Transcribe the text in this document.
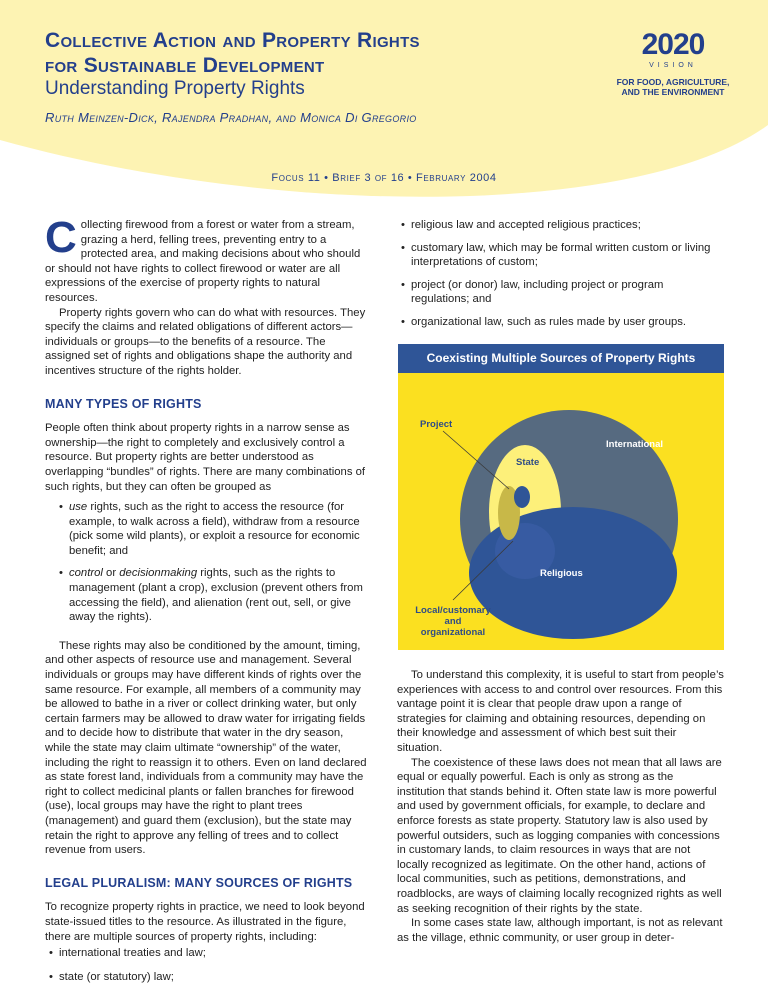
Collective Action and Property Rights
for Sustainable Development
Understanding Property Rights
Ruth Meinzen-Dick, Rajendra Pradhan, and Monica Di Gregorio
2020
VISION
FOR FOOD, AGRICULTURE,
AND THE ENVIRONMENT
Focus 11 • Brief 3 of 16 • February 2004

Collecting firewood from a forest or water from a stream, grazing a herd, felling trees, preventing entry to a protected area, and making decisions about who should or should not have rights to collect firewood or water are all expressions of the exercise of property rights to natural resources.

Property rights govern who can do what with resources. They specify the claims and related obligations of different actors—individuals or groups—to the benefits of a resource. The assigned set of rights and obligations shape the authority and incentives structure of the rights holder.

MANY TYPES OF RIGHTS

People often think about property rights in a narrow sense as ownership—the right to completely and exclusively control a resource. But property rights are better understood as overlapping “bundles” of rights. There are many combinations of such rights, but they can often be grouped as

• use rights, such as the right to access the resource (for example, to walk across a field), withdraw from a resource (pick some wild plants), or exploit a resource for economic benefit; and
• control or decisionmaking rights, such as the rights to management (plant a crop), exclusion (prevent others from accessing the field), and alienation (rent out, sell, or give away the rights).

These rights may also be conditioned by the amount, timing, and other aspects of resource use and management. Several individuals or groups may have different kinds of rights over the same resource. For example, all members of a community may be allowed to bathe in a river or collect drinking water, but only certain farmers may be allowed to draw water for irrigating fields and to decide how to distribute that water in the dry season, while the state may claim ultimate “ownership” of the water, including the right to reassign it to others. Even on land declared as state forest land, individuals from a community may have the right to collect medicinal plants or fallen branches for firewood (use), local groups may have the right to plant trees (management) and guard them (exclusion), but the state may retain the right to approve any felling of trees and to collect revenue from users.

LEGAL PLURALISM: MANY SOURCES OF RIGHTS

To recognize property rights in practice, we need to look beyond state-issued titles to the resource. As illustrated in the figure, there are multiple sources of property rights, including:

• international treaties and law;
• state (or statutory) law;
• religious law and accepted religious practices;
• customary law, which may be formal written custom or living interpretations of custom;
• project (or donor) law, including project or program regulations; and
• organizational law, such as rules made by user groups.
Coexisting Multiple Sources of Property Rights
Project
International
State
Religious
Local/customary
and
organizational

To understand this complexity, it is useful to start from people’s experiences with access to and control over resources. From this vantage point it is clear that people draw upon a range of strategies for claiming and obtaining resources, depending on their knowledge and assessment of which best suit their situation.

The coexistence of these laws does not mean that all laws are equal or equally powerful. Each is only as strong as the institution that stands behind it. Often state law is more powerful and used by government officials, for example, to declare and enforce forests as state property. Statutory law is also used by powerful outsiders, such as logging companies with concessions in customary lands, to claim resources in ways that are not locally recognized as legitimate. On the other hand, actions of local communities, such as petitions, demonstrations, and roadblocks, are ways of claiming locally recognized rights as well as seeking recognition of their rights by the state.

In some cases state law, although important, is not as relevant as the village, ethnic community, or user group in deter-
